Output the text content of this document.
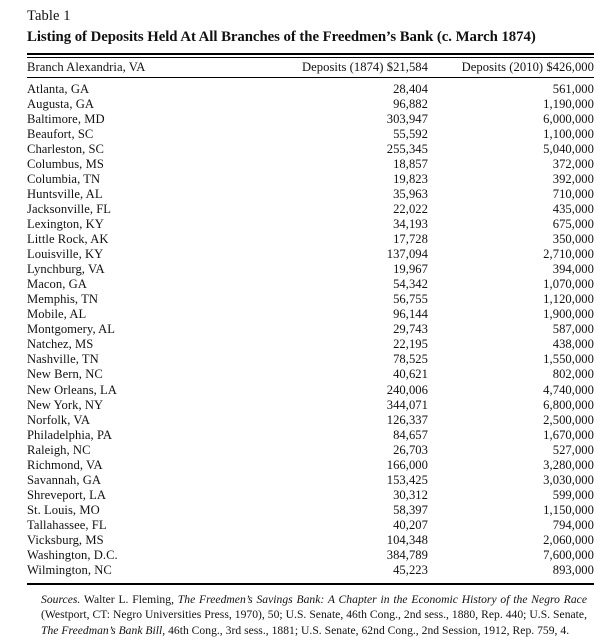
Table 1
Listing of Deposits Held At All Branches of the Freedmen’s Bank (c. March 1874)
Branch Alexandria, VA	Deposits (1874) $21,584	Deposits (2010) $426,000
Atlanta, GA	28,404	561,000
Augusta, GA	96,882	1,190,000
Baltimore, MD	303,947	6,000,000
Beaufort, SC	55,592	1,100,000
Charleston, SC	255,345	5,040,000
Columbus, MS	18,857	372,000
Columbia, TN	19,823	392,000
Huntsville, AL	35,963	710,000
Jacksonville, FL	22,022	435,000
Lexington, KY	34,193	675,000
Little Rock, AK	17,728	350,000
Louisville, KY	137,094	2,710,000
Lynchburg, VA	19,967	394,000
Macon, GA	54,342	1,070,000
Memphis, TN	56,755	1,120,000
Mobile, AL	96,144	1,900,000
Montgomery, AL	29,743	587,000
Natchez, MS	22,195	438,000
Nashville, TN	78,525	1,550,000
New Bern, NC	40,621	802,000
New Orleans, LA	240,006	4,740,000
New York, NY	344,071	6,800,000
Norfolk, VA	126,337	2,500,000
Philadelphia, PA	84,657	1,670,000
Raleigh, NC	26,703	527,000
Richmond, VA	166,000	3,280,000
Savannah, GA	153,425	3,030,000
Shreveport, LA	30,312	599,000
St. Louis, MO	58,397	1,150,000
Tallahassee, FL	40,207	794,000
Vicksburg, MS	104,348	2,060,000
Washington, D.C.	384,789	7,600,000
Wilmington, NC	45,223	893,000

Sources. Walter L. Fleming, The Freedmen’s Savings Bank: A Chapter in the Economic History of the Negro Race (Westport, CT: Negro Universities Press, 1970), 50; U.S. Senate, 46th Cong., 2nd sess., 1880, Rep. 440; U.S. Senate, The Freedman’s Bank Bill, 46th Cong., 3rd sess., 1881; U.S. Senate, 62nd Cong., 2nd Session, 1912, Rep. 759, 4.
